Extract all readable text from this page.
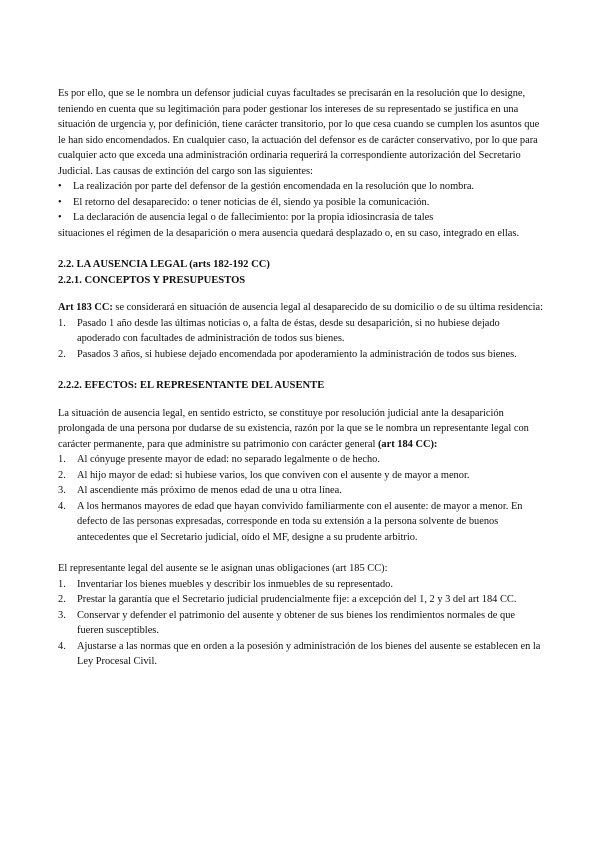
Es por ello, que se le nombra un defensor judicial cuyas facultades se precisarán en la resolución que lo designe, teniendo en cuenta que su legitimación para poder gestionar los intereses de su representado se justifica en una situación de urgencia y, por definición, tiene carácter transitorio, por lo que cesa cuando se cumplen los asuntos que le han sido encomendados. En cualquier caso, la actuación del defensor es de carácter conservativo, por lo que para cualquier acto que exceda una administración ordinaria requerirá la correspondiente autorización del Secretario Judicial. Las causas de extinción del cargo son las siguientes:

•	La realización por parte del defensor de la gestión encomendada en la resolución que lo nombra.
•	El retorno del desaparecido: o tener noticias de él, siendo ya posible la comunicación.
•	La declaración de ausencia legal o de fallecimiento: por la propia idiosincrasia de tales

situaciones el régimen de la desaparición o mera ausencia quedará desplazado o, en su caso, integrado en ellas.

2.2. LA AUSENCIA LEGAL (arts 182-192 CC)
2.2.1. CONCEPTOS Y PRESUPUESTOS

Art 183 CC: se considerará en situación de ausencia legal al desaparecido de su domicilio o de su última residencia:

1.	Pasado 1 año desde las últimas noticias o, a falta de éstas, desde su desaparición, si no hubiese dejado apoderado con facultades de administración de todos sus bienes.
2.	Pasados 3 años, si hubiese dejado encomendada por apoderamiento la administración de todos sus bienes.
2.2.2. EFECTOS: EL REPRESENTANTE DEL AUSENTE

La situación de ausencia legal, en sentido estricto, se constituye por resolución judicial ante la desaparición prolongada de una persona por dudarse de su existencia, razón por la que se le nombra un representante legal con carácter permanente, para que administre su patrimonio con carácter general (art 184 CC):

1.	Al cónyuge presente mayor de edad: no separado legalmente o de hecho.
2.	Al hijo mayor de edad: si hubiese varios, los que conviven con el ausente y de mayor a menor.
3.	Al ascendiente más próximo de menos edad de una u otra línea.
4.	A los hermanos mayores de edad que hayan convivido familiarmente con el ausente: de mayor a menor. En defecto de las personas expresadas, corresponde en toda su extensión a la persona solvente de buenos antecedentes que el Secretario judicial, oído el MF, designe a su prudente arbitrio.

El representante legal del ausente se le asignan unas obligaciones (art 185 CC):

1.	Inventariar los bienes muebles y describir los inmuebles de su representado.
2.	Prestar la garantía que el Secretario judicial prudencialmente fije: a excepción del 1, 2 y 3 del art 184 CC.
3.	Conservar y defender el patrimonio del ausente y obtener de sus bienes los rendimientos normales de que fueren susceptibles.
4.	Ajustarse a las normas que en orden a la posesión y administración de los bienes del ausente se establecen en la Ley Procesal Civil.
